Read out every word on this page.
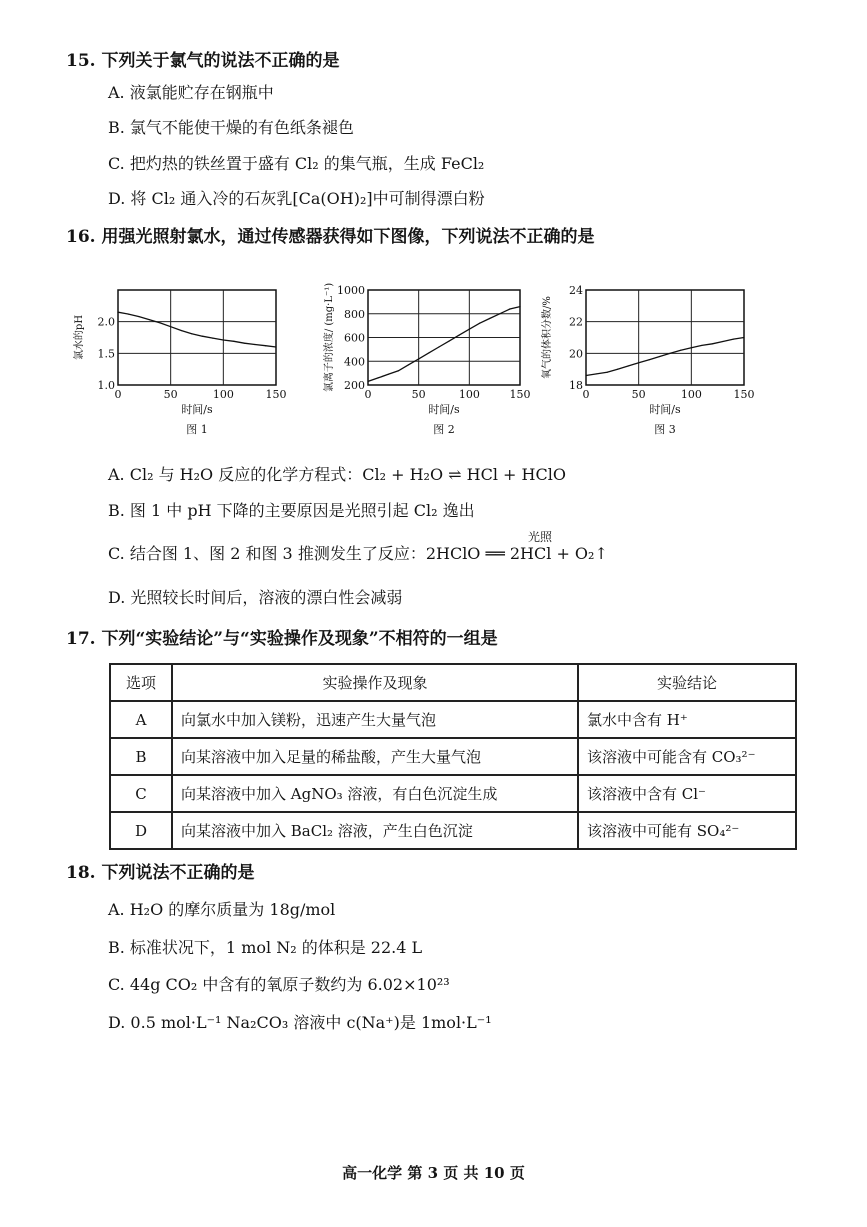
15. 下列关于氯气的说法不正确的是
A. 液氯能贮存在钢瓶中
B. 氯气不能使干燥的有色纸条褪色
C. 把灼热的铁丝置于盛有 Cl₂ 的集气瓶，生成 FeCl₂
D. 将 Cl₂ 通入冷的石灰乳[Ca(OH)₂]中可制得漂白粉
16. 用强光照射氯水，通过传感器获得如下图像，下列说法不正确的是
0	50	100	150
1.0
1.5
2.0
时间/s
氯水的pH
图 1
0	50	100	150
200
400
600
800
1000
时间/s
氯离子的浓度/ (mg·L⁻¹)
图 2
0	50	100	150
18
20
22
24
时间/s
氧气的体积分数/%
图 3
A. Cl₂ 与 H₂O 反应的化学方程式：Cl₂ + H₂O ⇌ HCl + HClO
B. 图 1 中 pH 下降的主要原因是光照引起 Cl₂ 逸出
C. 结合图 1、图 2 和图 3 推测发生了反应：2HClO ══ 2HCl + O₂↑
光照
D. 光照较长时间后，溶液的漂白性会减弱
17. 下列“实验结论”与“实验操作及现象”不相符的一组是
选项	实验操作及现象	实验结论
A	向氯水中加入镁粉，迅速产生大量气泡	氯水中含有 H⁺
B	向某溶液中加入足量的稀盐酸，产生大量气泡	该溶液中可能含有 CO₃²⁻
C	向某溶液中加入 AgNO₃ 溶液，有白色沉淀生成	该溶液中含有 Cl⁻
D	向某溶液中加入 BaCl₂ 溶液，产生白色沉淀	该溶液中可能有 SO₄²⁻
18. 下列说法不正确的是
A. H₂O 的摩尔质量为 18g/mol
B. 标准状况下，1 mol N₂ 的体积是 22.4 L
C. 44g CO₂ 中含有的氧原子数约为 6.02×10²³
D. 0.5 mol·L⁻¹ Na₂CO₃ 溶液中 c(Na⁺)是 1mol·L⁻¹
高一化学 第 3 页 共 10 页
